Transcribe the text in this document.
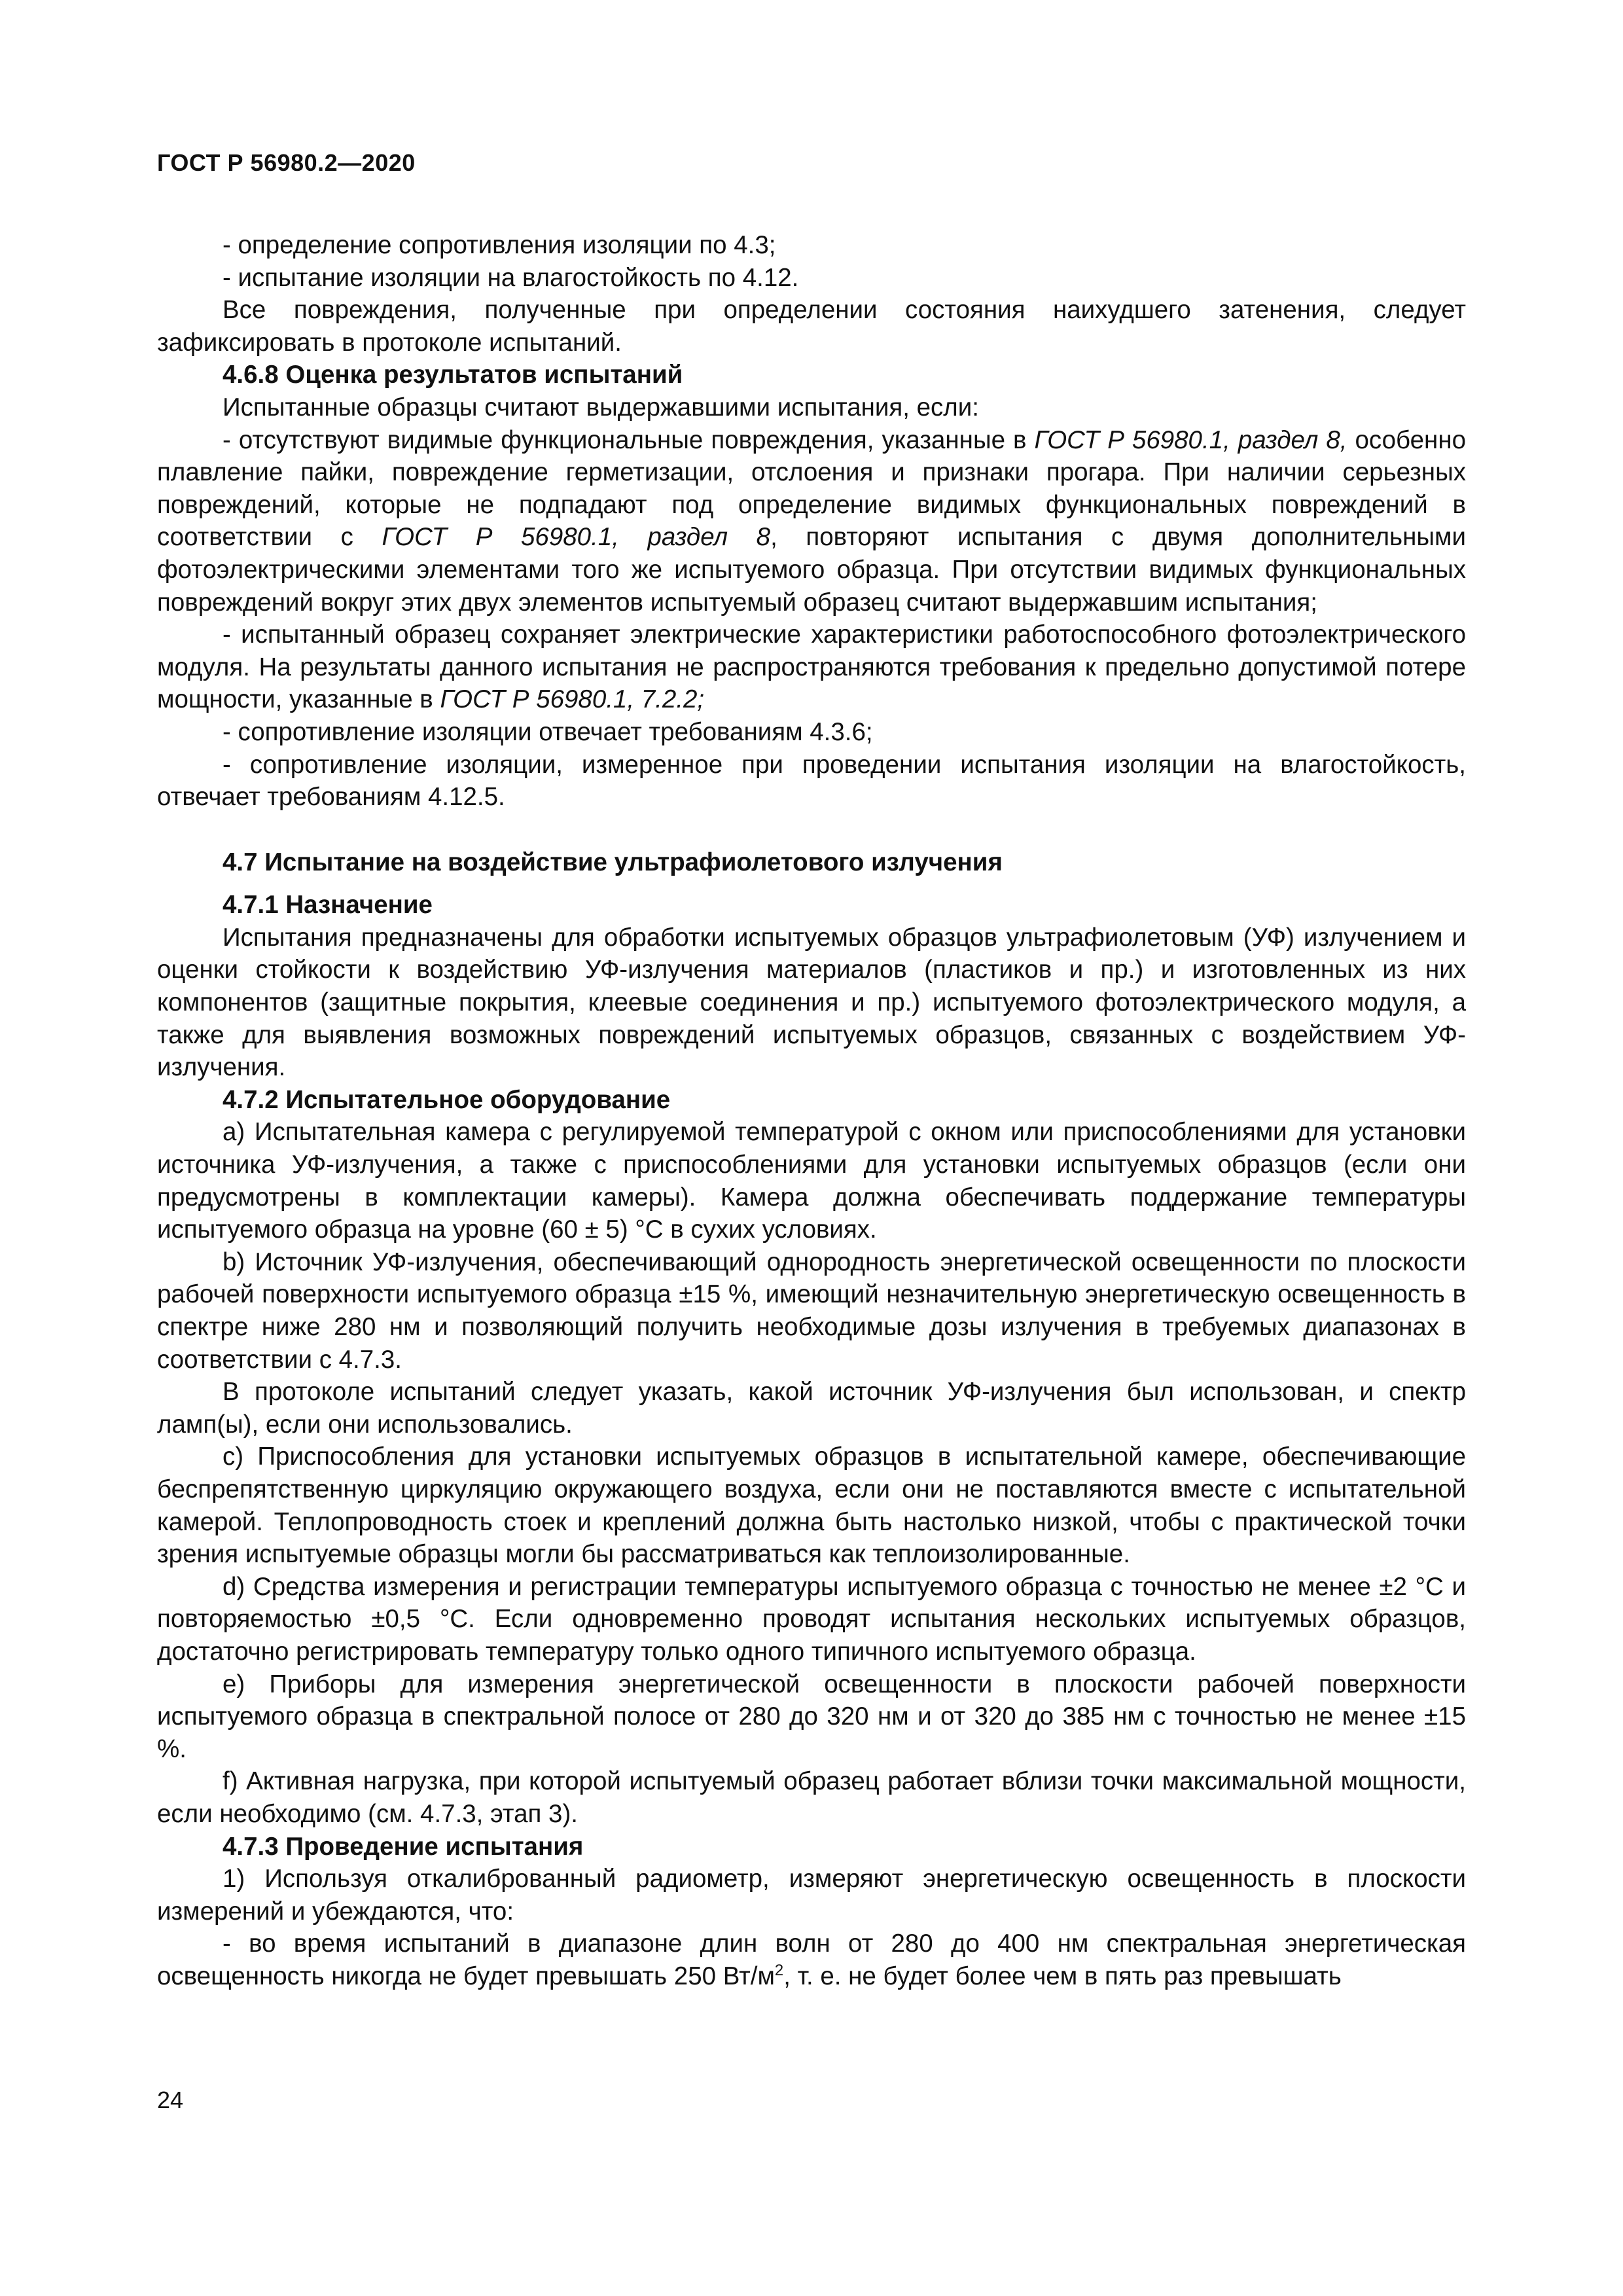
ГОСТ Р 56980.2—2020

- определение сопротивления изоляции по 4.3;

- испытание изоляции на влагостойкость по 4.12.

Все повреждения, полученные при определении состояния наихудшего затенения, следует зафиксировать в протоколе испытаний.

4.6.8 Оценка результатов испытаний

Испытанные образцы считают выдержавшими испытания, если:

- отсутствуют видимые функциональные повреждения, указанные в ГОСТ Р 56980.1, раздел 8, особенно плавление пайки, повреждение герметизации, отслоения и признаки прогара. При наличии серьезных повреждений, которые не подпадают под определение видимых функциональных повреждений в соответствии с ГОСТ Р 56980.1, раздел 8, повторяют испытания с двумя дополнительными фотоэлектрическими элементами того же испытуемого образца. При отсутствии видимых функциональных повреждений вокруг этих двух элементов испытуемый образец считают выдержавшим испытания;

- испытанный образец сохраняет электрические характеристики работоспособного фотоэлектрического модуля. На результаты данного испытания не распространяются требования к предельно допустимой потере мощности, указанные в ГОСТ Р 56980.1, 7.2.2;

- сопротивление изоляции отвечает требованиям 4.3.6;

- сопротивление изоляции, измеренное при проведении испытания изоляции на влагостойкость, отвечает требованиям 4.12.5.

4.7 Испытание на воздействие ультрафиолетового излучения
4.7.1 Назначение

Испытания предназначены для обработки испытуемых образцов ультрафиолетовым (УФ) излучением и оценки стойкости к воздействию УФ-излучения материалов (пластиков и пр.) и изготовленных из них компонентов (защитные покрытия, клеевые соединения и пр.) испытуемого фотоэлектрического модуля, а также для выявления возможных повреждений испытуемых образцов, связанных с воздействием УФ-излучения.

4.7.2 Испытательное оборудование

a) Испытательная камера с регулируемой температурой с окном или приспособлениями для установки источника УФ-излучения, а также с приспособлениями для установки испытуемых образцов (если они предусмотрены в комплектации камеры). Камера должна обеспечивать поддержание температуры испытуемого образца на уровне (60 ± 5) °С в сухих условиях.

b) Источник УФ-излучения, обеспечивающий однородность энергетической освещенности по плоскости рабочей поверхности испытуемого образца ±15 %, имеющий незначительную энергетическую освещенность в спектре ниже 280 нм и позволяющий получить необходимые дозы излучения в требуемых диапазонах в соответствии с 4.7.3.

В протоколе испытаний следует указать, какой источник УФ-излучения был использован, и спектр ламп(ы), если они использовались.

c) Приспособления для установки испытуемых образцов в испытательной камере, обеспечивающие беспрепятственную циркуляцию окружающего воздуха, если они не поставляются вместе с испытательной камерой. Теплопроводность стоек и креплений должна быть настолько низкой, чтобы с практической точки зрения испытуемые образцы могли бы рассматриваться как теплоизолированные.

d) Средства измерения и регистрации температуры испытуемого образца с точностью не менее ±2 °С и повторяемостью ±0,5 °С. Если одновременно проводят испытания нескольких испытуемых образцов, достаточно регистрировать температуру только одного типичного испытуемого образца.

e) Приборы для измерения энергетической освещенности в плоскости рабочей поверхности испытуемого образца в спектральной полосе от 280 до 320 нм и от 320 до 385 нм с точностью не менее ±15 %.

f) Активная нагрузка, при которой испытуемый образец работает вблизи точки максимальной мощности, если необходимо (см. 4.7.3, этап 3).

4.7.3 Проведение испытания

1) Используя откалиброванный радиометр, измеряют энергетическую освещенность в плоскости измерений и убеждаются, что:

- во время испытаний в диапазоне длин волн от 280 до 400 нм спектральная энергетическая освещенность никогда не будет превышать 250 $Вт/м^2$, т. е. не будет более чем в пять раз превышать

24
